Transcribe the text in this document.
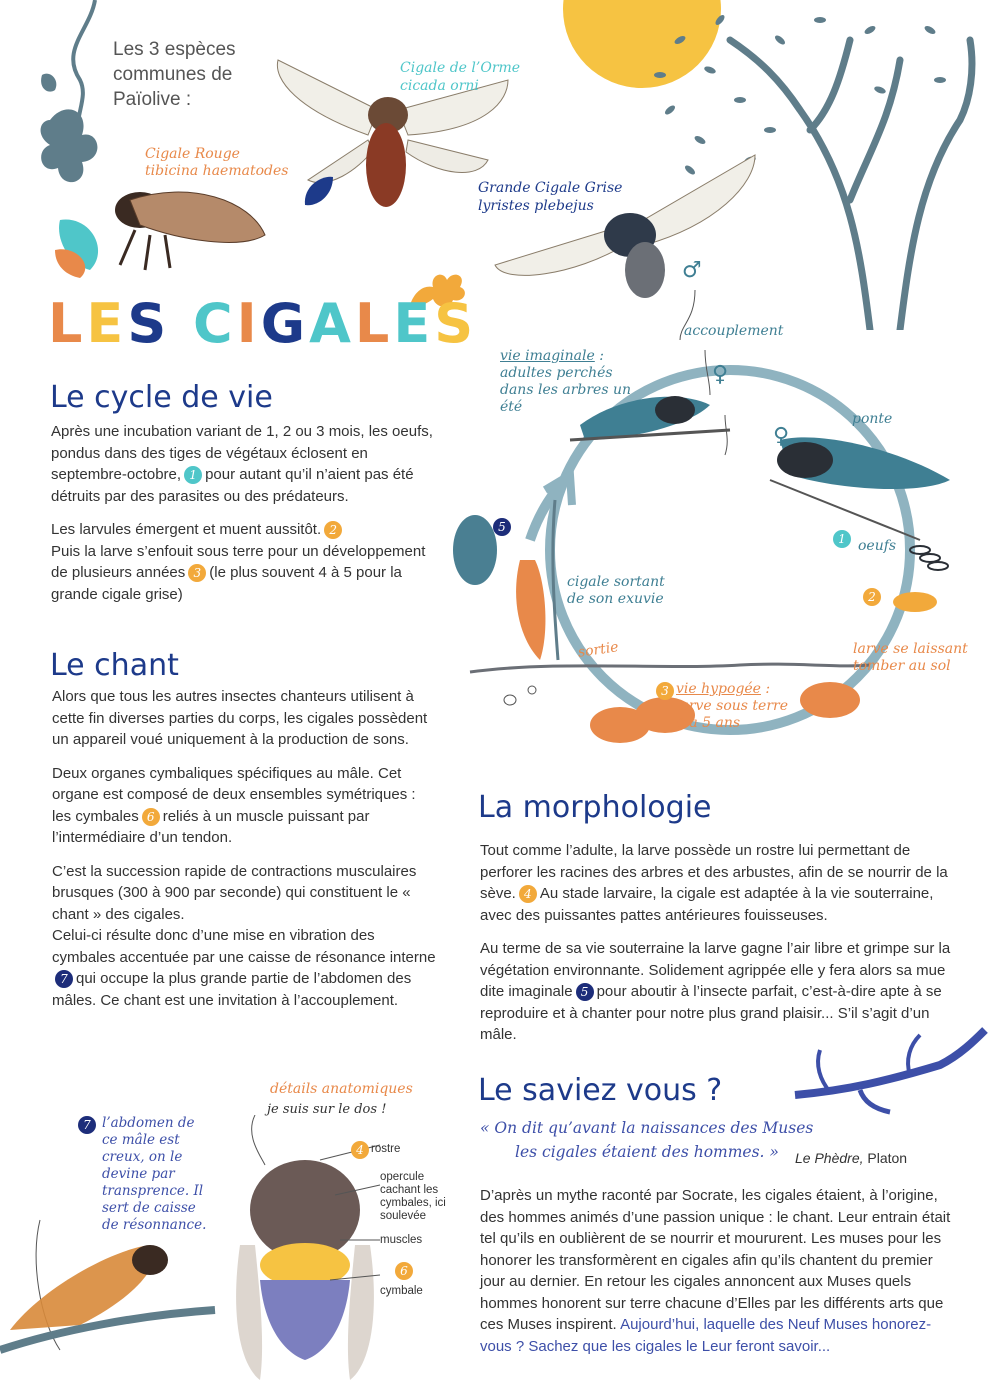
Les 3 espèces communes de Païolive :
Cigale de l’Orme
cicada orni
Cigale Rouge
tibicina haematodes
Grande Cigale Grise
lyristes plebejus
LES CIGALES
Le cycle de vie

Après une incubation variant de 1, 2 ou 3 mois, les oeufs, pondus dans des tiges de végétaux éclosent en septembre-octobre, 1 pour autant qu’il n’aient pas été détruits par des parasites ou des prédateurs.

Les larvules émergent et muent aussitôt. 2
Puis la larve s’enfouit sous terre pour un développement de plusieurs années 3 (le plus souvent 4 à 5 pour la grande cigale grise)

Le chant

Alors que tous les autres insectes chanteurs utilisent à cette fin diverses parties du corps, les cigales possèdent un appareil voué uniquement à la production de sons.

Deux organes cymbaliques spécifiques au mâle. Cet organe est composé de deux ensembles symétriques : les cymbales 6 reliés à un muscle puissant par l’intermédiaire d’un tendon.

C’est la succession rapide de contractions musculaires brusques (300 à 900 par seconde) qui constituent le « chant » des cigales.

Celui-ci résulte donc d’une mise en vibration des cymbales accentuée par une caisse de résonance interne7 qui occupe la plus grande partie de l’abdomen des mâles. Ce chant est une invitation à l’accouplement.

accouplement
♂
♀
♀
vie imaginale :
adultes perchés dans les arbres un été
ponte
1 oeufs
2
larve se laissant tomber au sol
3 vie hypogée :
larve sous terre 4 à 5 ans
sortie
cigale sortant de son exuvie
5
La morphologie

Tout comme l’adulte, la larve possède un rostre lui permettant de perforer les racines des arbres et des arbustes, afin de se nourrir de la sève. 4 Au stade larvaire, la cigale est adaptée à la vie souterraine, avec des puissantes pattes antérieures fouisseuses.

Au terme de sa vie souterraine la larve gagne l’air libre et grimpe sur la végétation environnante. Solidement agrippée elle y fera alors sa mue dite imaginale 5 pour aboutir à l’insecte parfait, c’est-à-dire apte à se reproduire et à chanter pour notre plus grand plaisir... S’il s’agit d’un mâle.

Le saviez vous ?
« On dit qu’avant la naissances des Muses
les cigales étaient des hommes. »	Le Phèdre, Platon
D’après un mythe raconté par Socrate, les cigales étaient, à l’origine, des hommes animés d’une passion unique : le chant. Leur entrain était tel qu’ils en oublièrent de se nourrir et moururent. Les muses pour les honorer les transformèrent en cigales afin qu’ils chantent du premier jour au dernier. En retour les cigales annoncent aux Muses quels hommes honorent sur terre chacune d’Elles par les différents arts que ces Muses inspirent. Aujourd’hui, laquelle des Neuf Muses honorez-vous ? Sachez que les cigales le Leur feront savoir...
7 l’abdomen de ce mâle est creux, on le devine par transprence. Il sert de caisse de résonnance.
détails anatomiques
je suis sur le dos !
4 rostre
opercule cachant les cymbales, ici soulevée
muscles
6
cymbale
